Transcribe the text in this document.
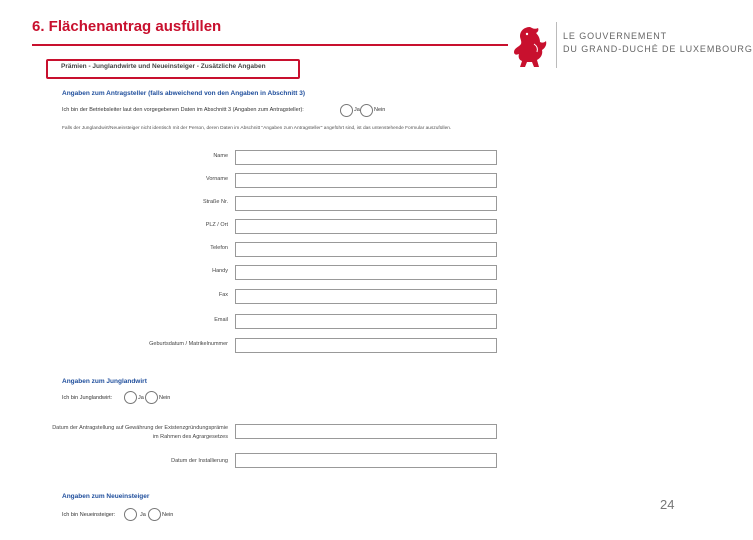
6. Flächenantrag ausfüllen
LE GOUVERNEMENT
DU GRAND-DUCHÉ DE LUXEMBOURG
Prämien - Junglandwirte und Neueinsteiger - Zusätzliche Angaben
Angaben zum Antragsteller (falls abweichend von den Angaben in Abschnitt 3)
Ich bin der Betriebsleiter laut den vorgegebenen Daten im Abschnitt 3 (Angaben zum Antragsteller):	Ja	Nein
Falls der Junglandwirt/Neueinsteiger nicht identisch mit der Person, deren Daten im Abschnitt "Angaben zum Antragsteller" angeführt sind, ist das untenstehende Formular auszufüllen.
Name
Vorname
Straße Nr.
PLZ / Ort
Telefon
Handy
Fax
Email
Geburtsdatum / Matrikelnummer
Angaben zum Junglandwirt
Ich bin Junglandwirt:	Ja	Nein
Datum der Antragstellung auf Gewährung der Existenzgründungsprämie
im Rahmen des Agrargesetzes
Datum der Installierung
Angaben zum Neueinsteiger
Ich bin Neueinsteiger:	Ja	Nein
24
